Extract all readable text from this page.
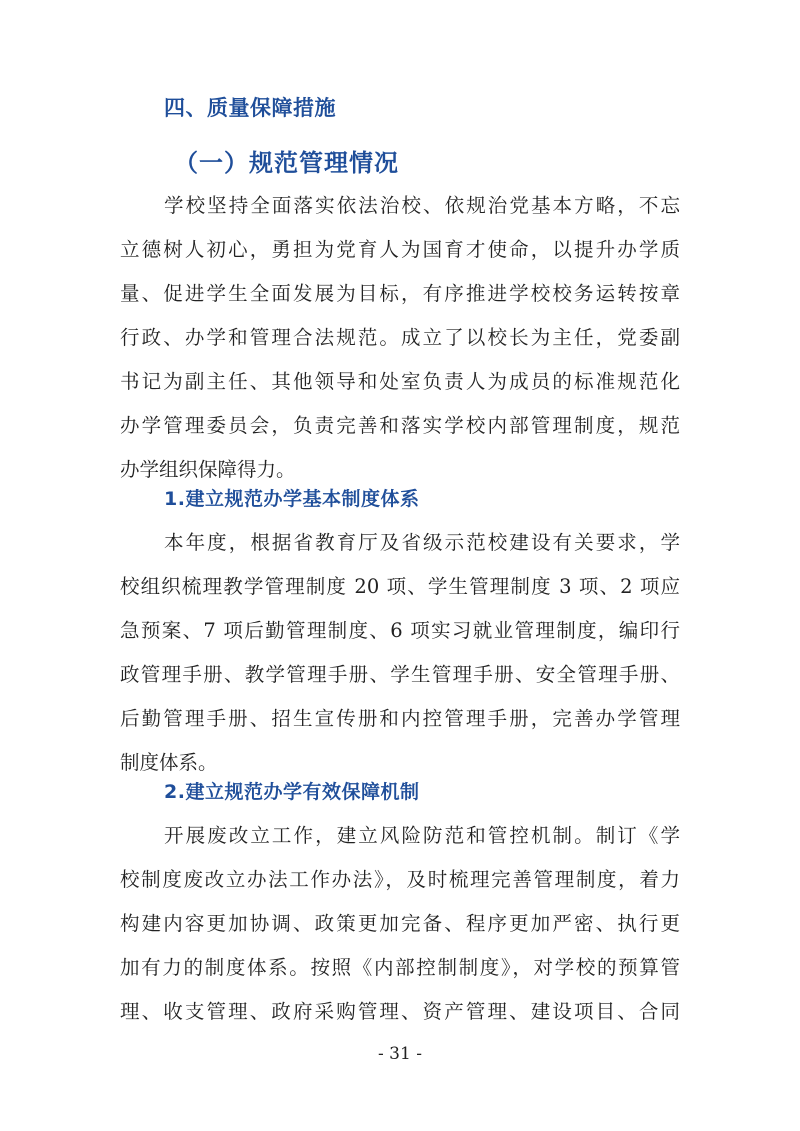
四、质量保障措施
（一）规范管理情况
学校坚持全面落实依法治校、依规治党基本方略，不忘
立德树人初心，勇担为党育人为国育才使命，以提升办学质
量、促进学生全面发展为目标，有序推进学校校务运转按章
行政、办学和管理合法规范。成立了以校长为主任，党委副
书记为副主任、其他领导和处室负责人为成员的标准规范化
办学管理委员会，负责完善和落实学校内部管理制度，规范
办学组织保障得力。
1.建立规范办学基本制度体系
本年度，根据省教育厅及省级示范校建设有关要求，学
校组织梳理教学管理制度 20 项、学生管理制度 3 项、2 项应
急预案、7 项后勤管理制度、6 项实习就业管理制度，编印行
政管理手册、教学管理手册、学生管理手册、安全管理手册、
后勤管理手册、招生宣传册和内控管理手册，完善办学管理
制度体系。
2.建立规范办学有效保障机制
开展废改立工作，建立风险防范和管控机制。制订《学
校制度废改立办法工作办法》，及时梳理完善管理制度，着力
构建内容更加协调、政策更加完备、程序更加严密、执行更
加有力的制度体系。按照《内部控制制度》，对学校的预算管
理、收支管理、政府采购管理、资产管理、建设项目、合同
- 31 -
